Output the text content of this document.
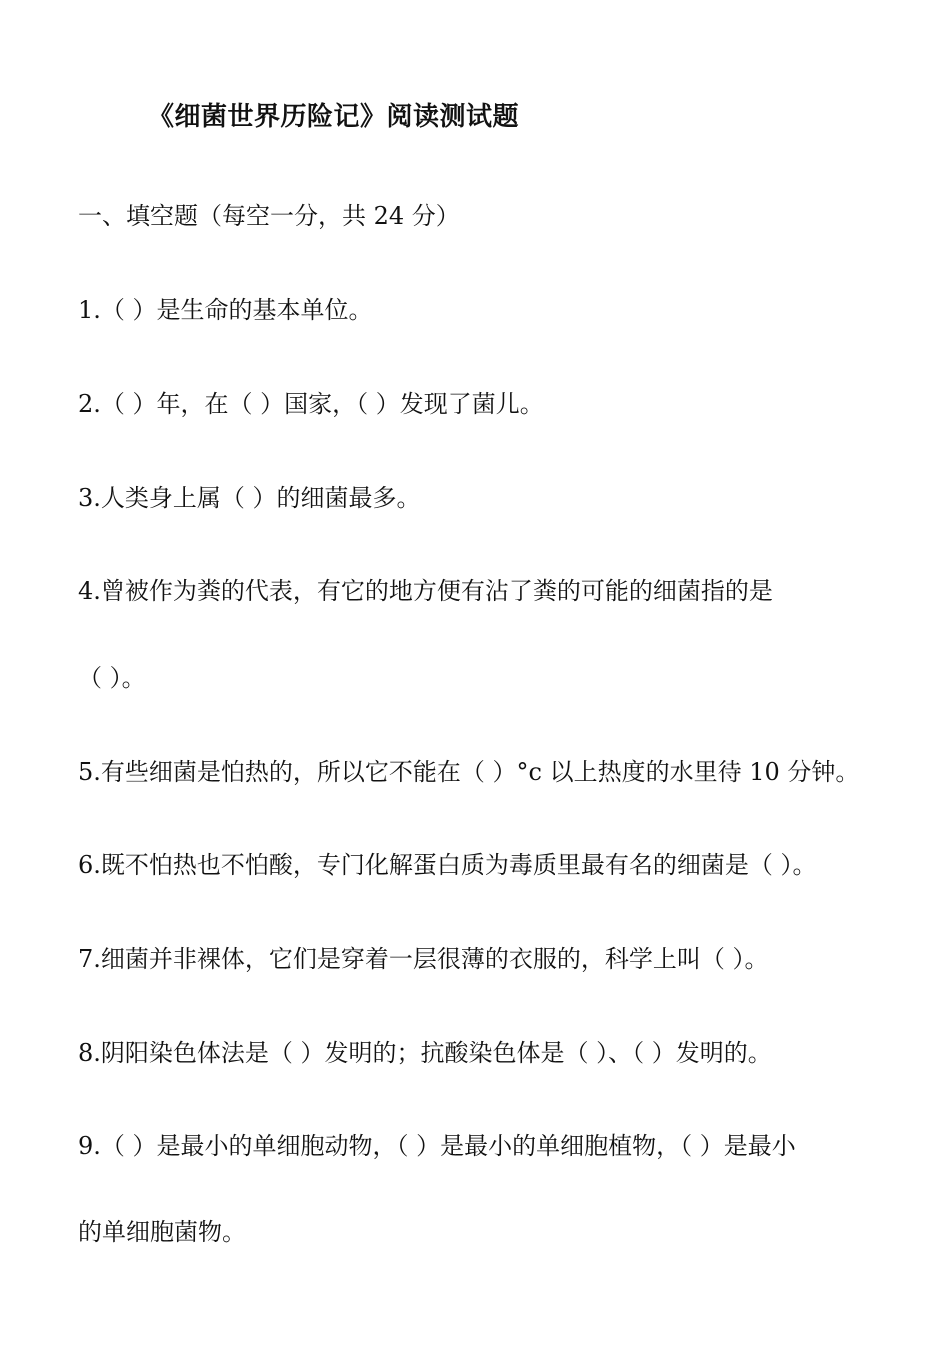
《细菌世界历险记》阅读测试题
一、填空题（每空一分，共 24 分）
1.（ ）是生命的基本单位。
2.（ ）年，在（ ）国家，（ ）发现了菌儿。
3.人类身上属（ ）的细菌最多。
4.曾被作为粪的代表，有它的地方便有沾了粪的可能的细菌指的是
（ ）。
5.有些细菌是怕热的，所以它不能在（ ）°c 以上热度的水里待 10 分钟。
6.既不怕热也不怕酸，专门化解蛋白质为毒质里最有名的细菌是（ ）。
7.细菌并非裸体，它们是穿着一层很薄的衣服的，科学上叫（ ）。
8.阴阳染色体法是（ ）发明的；抗酸染色体是（ ）、（ ）发明的。
9.（ ）是最小的单细胞动物，（ ）是最小的单细胞植物，（ ）是最小
的单细胞菌物。
